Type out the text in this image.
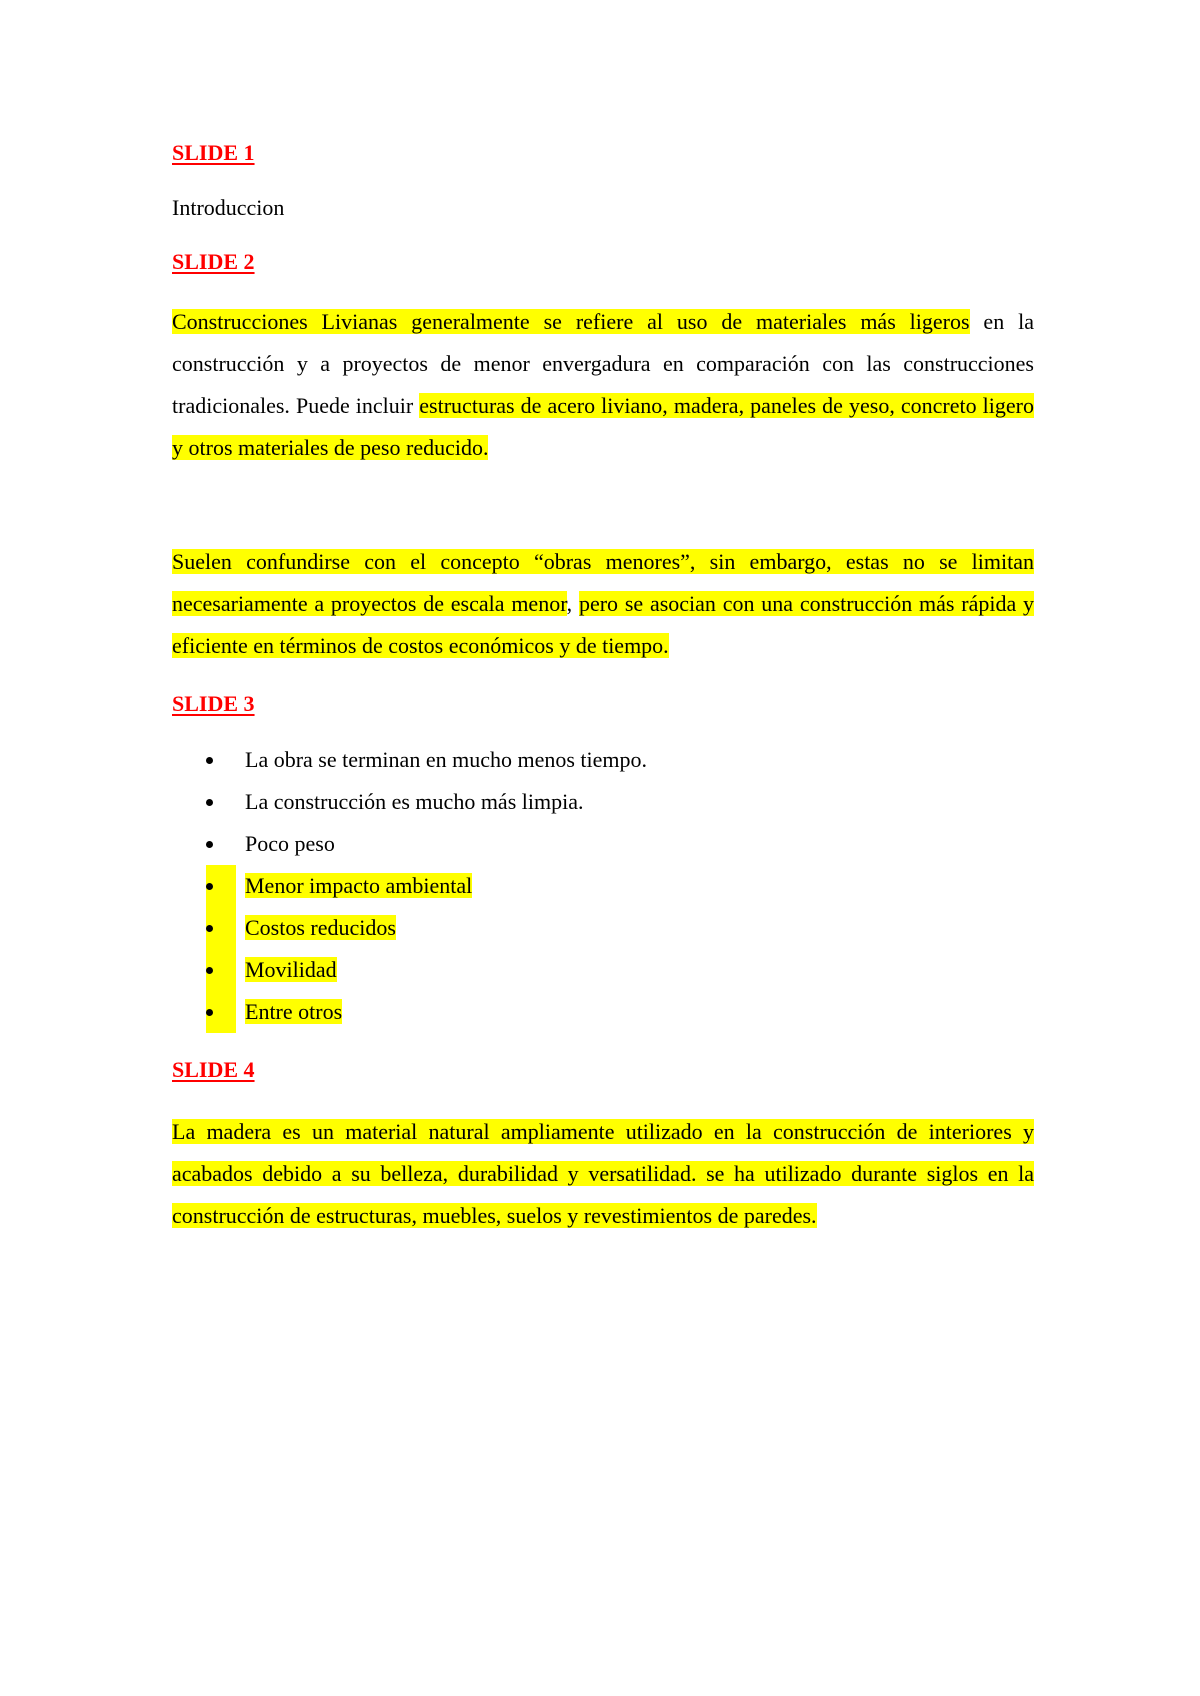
SLIDE 1

Introduccion

SLIDE 2

Construcciones Livianas generalmente se refiere al uso de materiales más ligeros en la construcción y a proyectos de menor envergadura en comparación con las construcciones tradicionales. Puede incluir estructuras de acero liviano, madera, paneles de yeso, concreto ligero y otros materiales de peso reducido.

Suelen confundirse con el concepto “obras menores”, sin embargo, estas no se limitan necesariamente a proyectos de escala menor, pero se asocian con una construcción más rápida y eficiente en términos de costos económicos y de tiempo.

SLIDE 3

La obra se terminan en mucho menos tiempo.
La construcción es mucho más limpia.
Poco peso
Menor impacto ambiental
Costos reducidos
Movilidad
Entre otros

SLIDE 4

La madera es un material natural ampliamente utilizado en la construcción de interiores y acabados debido a su belleza, durabilidad y versatilidad. se ha utilizado durante siglos en la construcción de estructuras, muebles, suelos y revestimientos de paredes.
